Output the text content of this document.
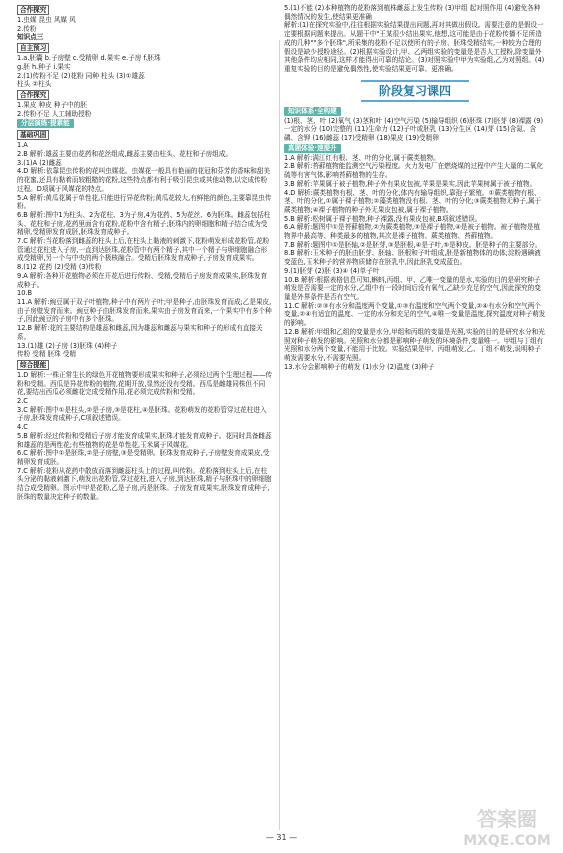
合作探究
1.虫媒 昆虫 风媒 风
2.传粉
知识点三
自主预习
1.a.胚囊 b.子房壁 c.受精卵 d.果实 e.子房 f.胚珠
g.胚 h.种子 i.果实
2.(1)传粉不足 (2)花粉 同种 柱头 (3)①雄蕊
柱头 ②柱头
合作探究
1.果皮 种皮 种子中的胚
2.传粉不足 人工辅助授粉
分层演练·提素能
基础巩固
1.A
2.B 解析:雄蕊主要由花药和花丝组成,雌蕊主要由柱头、花柱和子房组成。
3.(1)A (2)雌蕊
4.D 解析:依靠昆虫传粉的花叫虫媒花。虫媒花一般具有艳丽的花冠和芬芳的香味和甜美的花蜜,还具有黏着而较粗糙的花粉,这些特点都有利于吸引昆虫或其他动物,以完成传粉过程。D项属于风媒花的特点。
5.A 解析:黄瓜花属于单性花,只能进行异花传粉;黄瓜花较大,有鲜艳的颜色,主要靠昆虫传粉。
6.B 解析:图中1为柱头、2为花柱、3为子房,4为花药、5为花丝、6为胚珠。雌蕊包括柱头、花柱和子房,花药里面含有花粉,花粉中含有精子;胚珠内的卵细胞和精子结合成为受精卵,受精卵发育成胚,胚珠发育成种子。
7.C 解析:当花粉落到雌蕊的柱头上后,在柱头上黏液的刺激下,花粉萌发形成花粉管,花粉管通过花柱进入子房,一直到达胚珠,花粉管中有两个精子,其中一个精子与卵细胞融合形成受精卵,另一个与中央的两个极核融合。受精后胚珠发育成种子,子房发育成果实。
8.(1)2 花药 (2)受精 (3)传粉
9.A 解析:各种开花植物必须在开花后进行传粉、受精,受精后子房发育成果实,胚珠发育成种子。
10.B
11.A 解析:豌豆属于双子叶植物,种子中有两片子叶;甲是种子,由胚珠发育而成;乙是果皮,由子房壁发育而来。豌豆种子由胚珠发育而来,果实由子房发育而来,一个果实中有多个种子,因此豌豆的子房中有多个胚珠。
12.B 解析:花的主要结构是雄蕊和雌蕊,因为雄蕊和雌蕊与果实和种子的形成有直接关系。
13.(1)雄 (2)子房 (3)胚珠 (4)种子
传粉 受精 胚珠 受精
综合提能
1.D 解析:一株正常生长的绿色开花植物要形成果实和种子,必须经过两个生理过程——传粉和受精。西瓜是异花传粉的植物,花期开放,显然还没有受精。西瓜是雌雄同株但不同花,要结出西瓜必须雌花完成受精作用,花必须完成传粉和受精。
2.C
3.C 解析:图中①是柱头,②是子房,③是花柱,④是胚珠。花粉萌发的花粉管穿过花柱进入子房,胚珠发育成种子,C项叙述错误。
4.C
5.B 解析:经过传粉和受精后子房才能发育成果实,胚珠才能发育成种子。花同时具备雌蕊和雄蕊的是两性花;有些植物的花是单性花,玉米属于风媒花。
6.C 解析:图中①是胚珠,②是子房壁,③是受精卵。胚珠发育成种子,子房壁发育成果皮,受精卵发育成胚。
7.C 解析:花粉从花药中散放而落到雌蕊柱头上的过程,叫传粉。花粉落到柱头上后,在柱头分泌的黏液刺激下,萌发出花粉管,穿过花柱,进入子房,到达胚珠,精子与胚珠中的卵细胞结合成受精卵。图示中甲是花粉,乙是子房,丙是胚珠。子房发育成果实,胚珠发育成种子,胚珠的数量决定种子的数量。
5.(1)不能 (2)本种植物的花粉落到植株雌蕊上发生传粉 (3)甲组 起对照作用 (4)避免各种偶然情况的发生,使结果更准确
解析:(1)在探究实验中,往往根据实验结果提出问题,再对其做出假设。需要注意的是假设一定要根据问题来提出。从题干中"王某很少结出果实,他想,这可能是由于花粉传播不足所造成的几种""多个胚珠",所采集的花粉不足以使所有的子房、胚珠受精结实,一种较为合理的假设是缺少授粉途径。(2)根据实验设计,甲、乙两组实验的变量是是否人工授粉,除变量外其他条件均应相同,这样才能得出可靠的结论。(3)对照实验中甲为实验组,乙为对照组。(4)重复实验的目的是避免偶然性,使实验结果更可靠、更准确。
阶段复习课四
知识体系·全构建
(1)根、茎、叶 (2)氧气 (3)茎和叶 (4)空气污染 (5)输导组织 (6)胚珠 (7)胚芽 (8)裸露 (9)一定的水分 (10)完整的 (11)生命力 (12)子叶或胚乳 (13)分生区 (14)芽 (15)含氮、含磷、含钾 (16)雌蕊 (17)受精卵 (18)果皮 (19)受精卵
真题体验·速提升
1.A 解析:满江红有根、茎、叶的分化,属于蕨类植物。
2.B 解析:苔藓植物能监测空气污染程度。火力发电厂在燃烧煤的过程中产生大量的二氧化硫等有害气体,影响苔藓植物的生存。
3.B 解析:苹果属于被子植物,种子外有果皮包被,苹果是果实,因此苹果树属于被子植物。
4.D 解析:蕨类植物有根、茎、叶的分化,体内有输导组织,靠孢子繁殖。①蕨类植物有根、茎、叶的分化,①属于裸子植物;②藻类植物没有根、茎、叶的分化;③蕨类植物无种子,属于蕨类植物;④裸子植物的种子外无果皮包被,属于裸子植物。
5.B 解析:松树属于裸子植物,种子裸露,没有果皮包被,B项叙述错误。
6.A 解析:题图中①是苔藓植物,②为蕨类植物,③是裸子植物,④是被子植物。被子植物是植物界中最高等、种类最多的植物,其次是裸子植物、蕨类植物、苔藓植物。
7.B 解析:题图中①是胚轴,②是胚芽,③是胚根,④是子叶,⑤是种皮。胚是种子的主要部分。
8.B 解析:玉米种子的胚由胚芽、胚轴、胚根和子叶组成,胚是新植物体的幼体;淀粉遇碘液变蓝色,玉米种子的营养物质储存在胚乳中,因此胚乳变成蓝色。
9.(1)胚芽 (2)胚 (3)④ (4)单子叶
10.B 解析:根据表格信息可知,蝌蚪,丙组、甲、乙唯一变量的是水,实验的目的是研究种子萌发是否需要一定的水分,乙组中有一段时间后没有氧气,乙缺少充足的空气,因此探究的变量是外界条件是否有空气。
11.C 解析:②③有水分和温度两个变量,①③有温度和空气两个变量,②④有水分和空气两个变量,②④有适宜的温度、一定的水分和充足的空气,④唯一变量是温度,探究温度对种子萌发的影响。
12.B 解析:甲组和乙组的变量是水分,甲组和丙组的变量是光照,实验的目的是研究水分和光照对种子萌发的影响。光照和水分都是影响种子萌发的环境条件,变量唯一。甲组与丁组有光照和水分两个变量,不能用于比较。实验结果是甲、丙组萌发,乙、丁组不萌发,说明种子萌发需要水分,不需要光照。
13.水分会影响种子的萌发 (1)水分 (2)温度 (3)种子
答案圈
MXQE.COM
— 31 —
